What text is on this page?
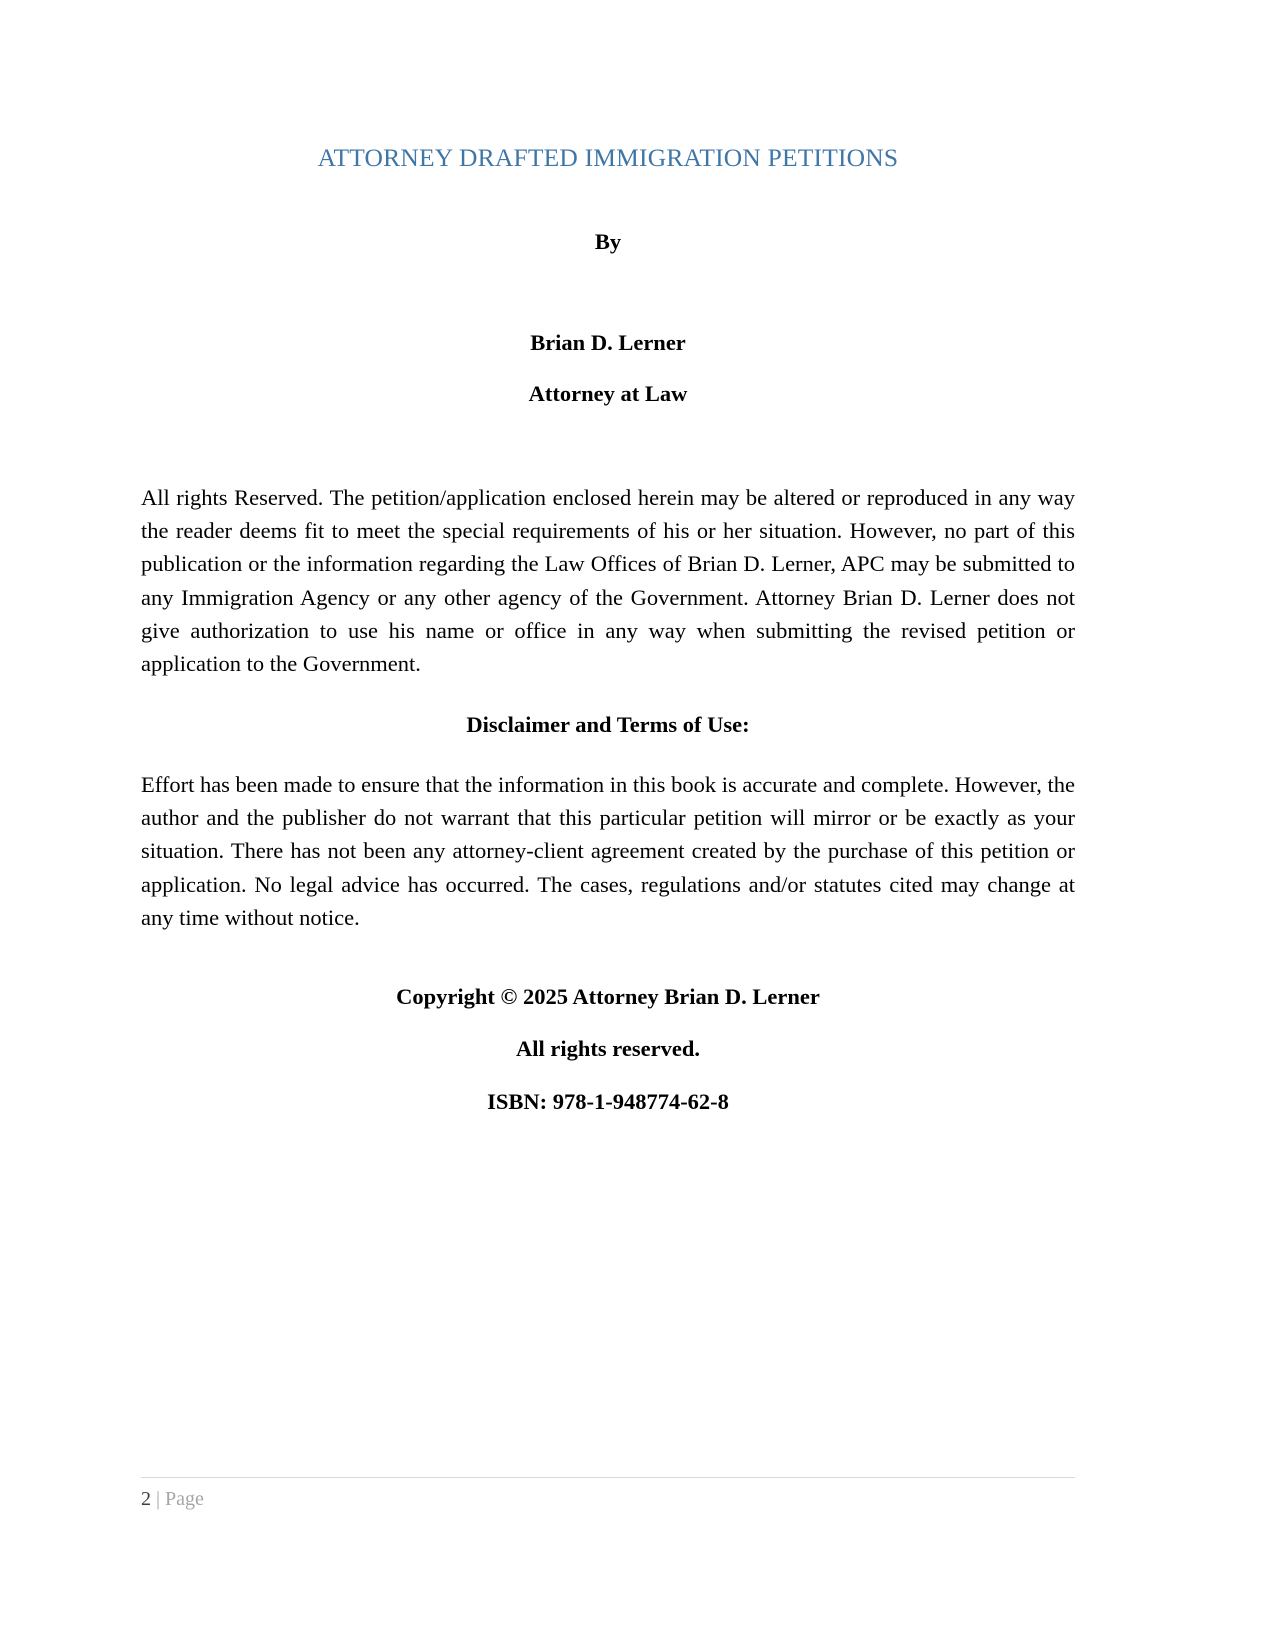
ATTORNEY DRAFTED IMMIGRATION PETITIONS

By

Brian D. Lerner

Attorney at Law

All rights Reserved. The petition/application enclosed herein may be altered or reproduced in any way the reader deems fit to meet the special requirements of his or her situation. However, no part of this publication or the information regarding the Law Offices of Brian D. Lerner, APC may be submitted to any Immigration Agency or any other agency of the Government. Attorney Brian D. Lerner does not give authorization to use his name or office in any way when submitting the revised petition or application to the Government.

Disclaimer and Terms of Use:

Effort has been made to ensure that the information in this book is accurate and complete. However, the author and the publisher do not warrant that this particular petition will mirror or be exactly as your situation. There has not been any attorney-client agreement created by the purchase of this petition or application. No legal advice has occurred. The cases, regulations and/or statutes cited may change at any time without notice.

Copyright © 2025 Attorney Brian D. Lerner

All rights reserved.

ISBN: 978-1-948774-62-8

2 | Page
